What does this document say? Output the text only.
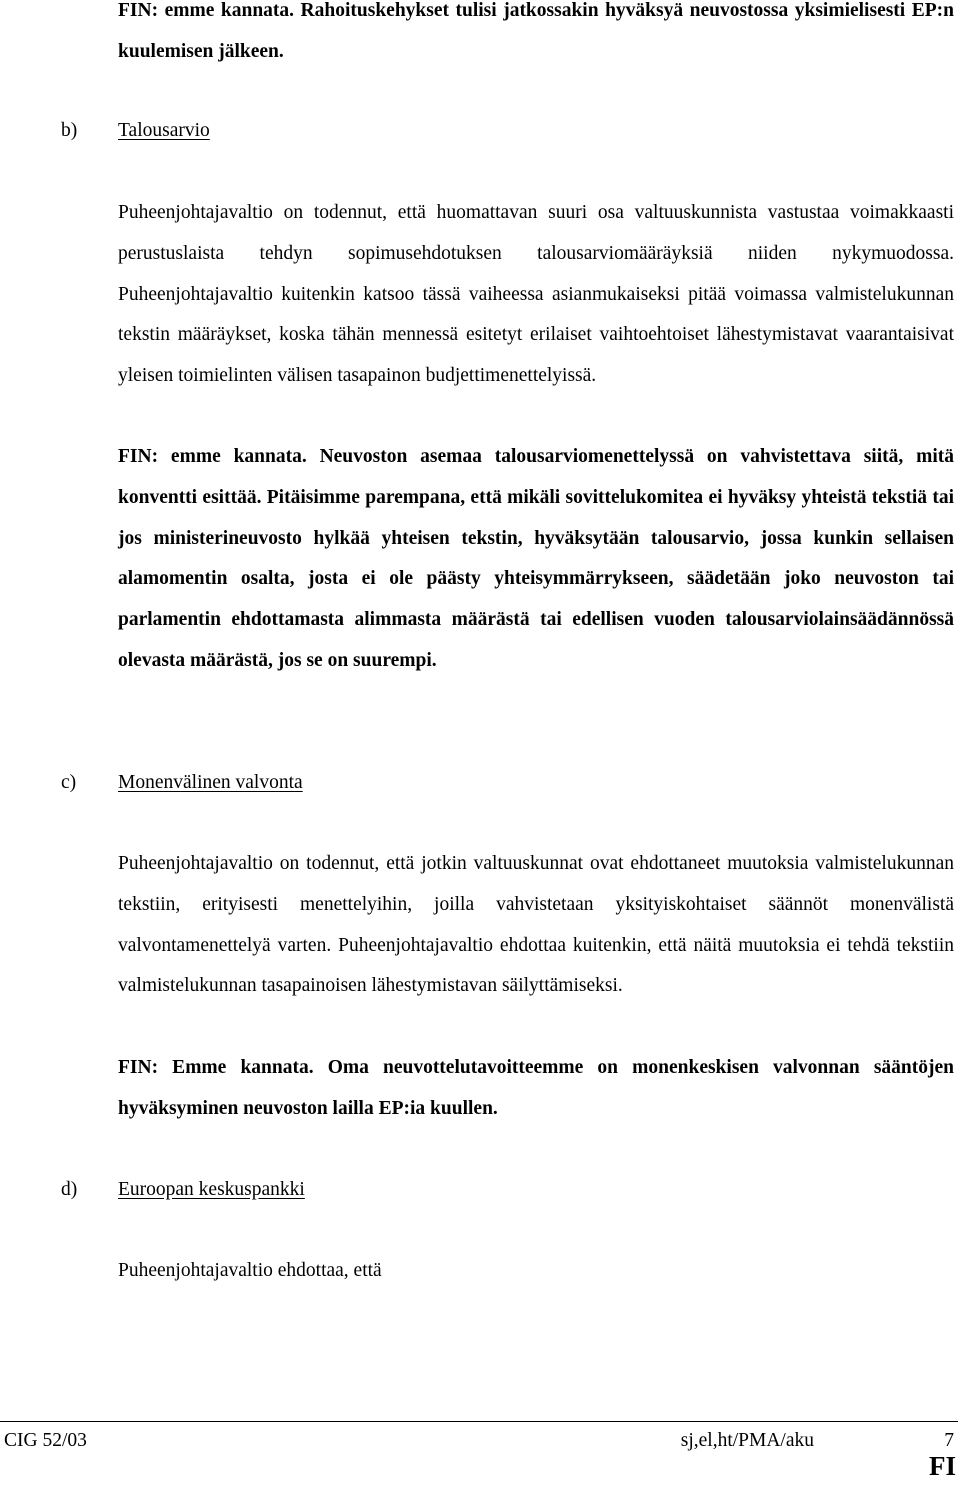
FIN: emme kannata. Rahoituskehykset tulisi jatkossakin hyväksyä neuvostossa yksimielisesti EP:n kuulemisen jälkeen.

b) Talousarvio

Puheenjohtajavaltio on todennut, että huomattavan suuri osa valtuuskunnista vastustaa voimakkaasti perustuslaista tehdyn sopimusehdotuksen talousarviomääräyksiä niiden nykymuodossa. Puheenjohtajavaltio kuitenkin katsoo tässä vaiheessa asianmukaiseksi pitää voimassa valmistelukunnan tekstin määräykset, koska tähän mennessä esitetyt erilaiset vaihtoehtoiset lähestymistavat vaarantaisivat yleisen toimielinten välisen tasapainon budjettimenettelyissä.

FIN: emme kannata. Neuvoston asemaa talousarviomenettelyssä on vahvistettava siitä, mitä konventti esittää. Pitäisimme parempana, että mikäli sovittelukomitea ei hyväksy yhteistä tekstiä tai jos ministerineuvosto hylkää yhteisen tekstin, hyväksytään talousarvio, jossa kunkin sellaisen alamomentin osalta, josta ei ole päästy yhteisymmärrykseen, säädetään joko neuvoston tai parlamentin ehdottamasta alimmasta määrästä tai edellisen vuoden talousarviolainsäädännössä olevasta määrästä, jos se on suurempi.

c) Monenvälinen valvonta

Puheenjohtajavaltio on todennut, että jotkin valtuuskunnat ovat ehdottaneet muutoksia valmistelukunnan tekstiin, erityisesti menettelyihin, joilla vahvistetaan yksityiskohtaiset säännöt monenvälistä valvontamenettelyä varten. Puheenjohtajavaltio ehdottaa kuitenkin, että näitä muutoksia ei tehdä tekstiin valmistelukunnan tasapainoisen lähestymistavan säilyttämiseksi.

FIN: Emme kannata. Oma neuvottelutavoitteemme on monenkeskisen valvonnan sääntöjen hyväksyminen neuvoston lailla EP:ia kuullen.

d) Euroopan keskuspankki

Puheenjohtajavaltio ehdottaa, että

CIG 52/03	sj,el,ht/PMA/aku	7
FI
